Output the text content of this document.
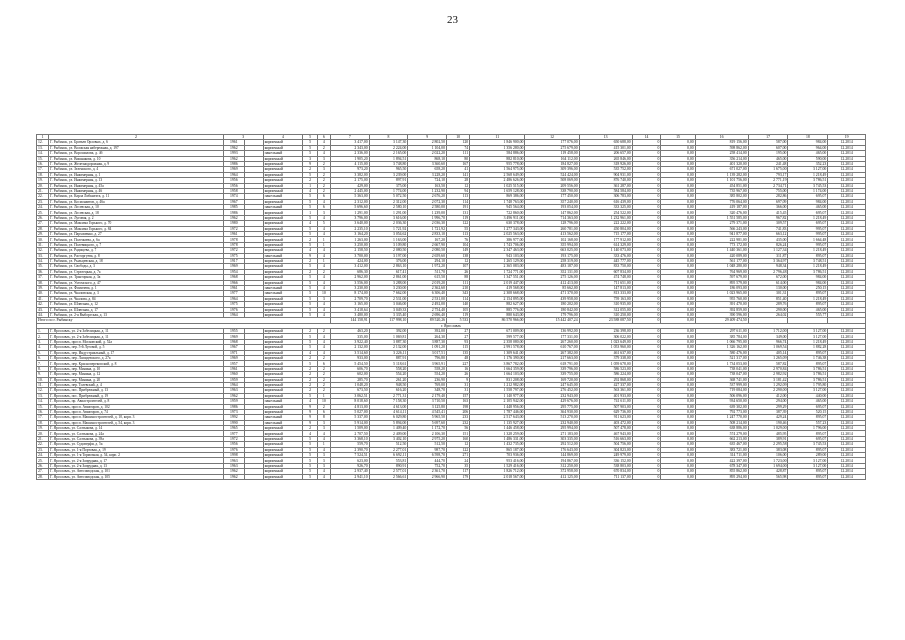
23
1	2	3		4	5	6	7	8	9	10	11	12	13	14	15	16	17	18	19
12.	Г. Рыбинск, ул. Братьев Орловых, д. 6	1961		кирпичный	5	4	3 417,00	3 147,30	2 802,50	120	1 846 900,00	177 076,00	650 688,00	0	0,00	819 156,00	587,00	984,00	12.2014
13.	Г. Рыбинск, ул. Волжская набережная, д. 197	1962		кирпичный	5	2	2 343,00	2 224,00	1 104,00	74	1 356 280,00	275 679,00	415 301,00	0	0,00	598 862,00	607,00	964,00	12.2014
14.	Г. Рыбинск, ул. Ворошилова, д. 4б	1993		панельный	5	4	2 336,00	2 165,00	2 022,20	111	584 886,00	119 458,00	206 657,00	0	0,00	258 414,00	195,00	465,00	12.2014
15.	Г. Рыбинск, ул. Вишнякова, д. 10	1962		кирпичный	3	3	1 905,20	1 894,51	868,10	80	882 810,00	164 112,00	265 846,00	0	0,00	356 214,00	465,00	590,00	12.2014
16.	Г. Рыбинск, ул. Железнодорожная, д. 9	1986		кирпичный	9	2	4 115,00	3 748,80	3 360,60	167	955 778,00	184 827,00	318 926,00	0	0,00	401 320,00	241,48	352,23	12.2014
17.	Г. Рыбинск, ул. Зеленского, д. 4	1969		кирпичный	2	3	973,20	965,50	658,20	41	1 564 975,00	309 396,00	535 752,00	0	0,00	671 027,00	1 675,00	3 127,00	12.2014
18.	Г. Рыбинск, ул. Инженерная, д. 1	1964		кирпичный	5	2	3 382,00	3 239,00	3 228,20	141	2 568 649,00	524 424,00	904 931,00	0	0,00	1 139 282,00	793,17	1 218,49	12.2014
19.	Г. Рыбинск, ул. Инженерная, д. 13	1956		кирпичный	2	2	2 175,00	897,91	724,10	28	2 486 626,00	508 069,00	876 740,00	0	0,00	1 101 756,00	2 771,19	3 786,51	12.2014
20.	Г. Рыбинск, ул. Инженерная, д. 45а	1956		кирпичный	1	2	429,00	375,00	163,50	12	1 025 515,00	209 556,00	361 287,00	0	0,00	454 851,00	2 734,71	3 745,53	12.2014
21.	Г. Рыбинск, ул. Инженерная, д. 46	1958		кирпичный	4	2	2 445,00	1 774,00	1 232,90	94	1 659 128,00	338 790,00	584 584,00	0	0,00	735 967,00	755,00	1 174,00	12.2014
22.	Г. Рыбинск, ул. Карла Либкнехта, д. 11	1974		панельный	5	6	5 363,00	5 072,50	2 676,20	113	869 386,00	177 450,00	306 783,00	0	0,00	385 802,00	282,86	695,07	12.2014
23.	Г. Рыбинск, ул. Космонавтов, д. 46а	1967		кирпичный	5	4	2 312,00	2 312,00	2 072,30	114	1 748 763,00	357 240,00	616 439,00	0	0,00	776 064,00	697,09	984,00	12.2014
24.	Г. Рыбинск, ул. Лосевская, д. 10	1985		панельный	5	6	5 696,60	2 580,10	2 580,00	191	945 564,00	193 054,00	333 325,00	0	0,00	419 187,00	366,00	465,00	12.2014
25.	Г. Рыбинск, ул. Лосевская, д. 18	1986		кирпичный	1	3	1 291,00	1 291,00	1 239,00	131	722 860,00	147 862,00	254 522,00	0	0,00	320 476,00	415,45	695,07	12.2014
26.	Г. Рыбинск, ул. Луговая, д. 2	1962		кирпичный	5	4	3 796,00	3 616,00	1 996,70	119	3 496 911,00	714 363,00	1 232 961,00	0	0,00	1 551 585,00	967,82	1 218,49	12.2014
27.	Г. Рыбинск, ул. Максима Горького, д. 70	1980		кирпичный	4	5	3 640,00	2 036,30	2 036,30	122	630 378,00	128 796,00	222 222,00	0	0,00	279 371,00	309,57	695,07	12.2014
28.	Г. Рыбинск, ул. Максима Горького, д. 84	1972		кирпичный	5	4	2 235,10	1 721,92	1 721,92	55	1 277 343,00	260 781,00	450 804,00	0	0,00	566 243,00	741,83	995,07	12.2014
29.	Г. Рыбинск, ул. Пархоменко, д. 27	1961		кирпичный	5	4	3 164,20	3 054,62	2 833,10	113	2 025 563,00	413 562,00	715 177,00	0	0,00	941 877,00	663,12	995,07	12.2014
30.	Г. Рыбинск, ул. Полежаева, д. 6а	1978		кирпичный	2	1	1 263,00	1 163,00	167,20	76	386 977,00	102 168,00	177 912,00	0	0,00	222 981,00	435,00	1 664,48	12.2014
31.	Г. Рыбинск, ул. Полевицкого, д. 7	1978		кирпичный	5	1	3 250,00	3 109,80	2 667,90	104	1 743 706,00	355 994,00	614 329,00	0	0,00	773 172,00	826,24	995,07	12.2014
32.	Г. Рыбинск, ул. Радищева, д. 7	1972		кирпичный	4	4	2 158,50	2 080,50	2 080,50	149	2 347 463,00	663 025,00	1 140 073,00	0	0,00	1 440 361,00	1 127,34	1 218,49	12.2014
33.	Г. Рыбинск, ул. Расторгуева, д. 8	1975		панельный	9	4	3 700,00	3 197,00	2 659,60	138	943 103,00	193 175,00	333 476,00	0	0,00	420 089,00	311,87	895,07	12.2014
34.	Г. Рыбинск, ул. Рыльцевская, д. 18	1917		кирпичный	2	1	424,00	376,00	294,10	12	1 265 129,00	258 319,00	445 777,00	0	0,00	561 177,00	3 364,97	3 748,51	12.2014
35.	Г. Рыбинск, ул. Свободы, д. 3	1969		кирпичный	5	4	3 412,00	2 863,10	1 972,20	107	2 365 083,00	483 187,00	833 750,00	0	0,00	1 048 280,00	948,34	1 218,49	12.2014
36.	Г. Рыбинск, ул. Стрелецкая, д. 7а	1954		кирпичный	2	2	686,30	617,41	511,70	26	1 724 771,00	352 131,00	607 834,00	0	0,00	764 969,00	2 796,48	3 786,51	12.2014
37.	Г. Рыбинск, ул. Тракторная, д. 3а	1968		кирпичный	5	4	2 962,00	2 861,00	615,50	88	1 347 551,00	275 126,00	474 748,00	0	0,00	597 679,00	672,00	984,00	12.2014
38.	Г. Рыбинск, ул. Ухтомского, д. 47	1966		кирпичный	5	4	3 556,00	3 288,00	2 019,20	111	2 019 447,00	412 413,00	711 651,00	0	0,00	895 579,00	614,00	984,00	12.2014
39.	Г. Рыбинск, ул. Фомичева, д. 1	1961		панельный	5	4	3 230,00	3 230,00	2 362,60	210	419 568,00	85 662,00	147 813,00	0	0,00	186 093,00	130,00	250,15	12.2014
40.	Г. Рыбинск, ул. Чкаловская, д. 3	1977		панельный	5	10	8 174,00	7 662,00	6 306,40	343	2 308 668,00	471 370,00	813 333,00	0	0,00	1 023 965,00	301,31	895,07	12.2014
41.	Г. Рыбинск, ул. Чкалова, д. 84	1964		кирпичный	5	3	2 709,70	2 531,00	2 531,00	114	2 154 895,00	439 958,00	759 163,00	0	0,00	955 760,00	851,40	1 218,49	12.2014
42.	Г. Рыбинск, ул. Шлюзная, д. 12	1975		кирпичный	5	4	3 165,00	3 046,00	2 492,00	140	882 627,00	180 202,00	310 935,00	0	0,00	391 470,00	289,76	895,07	12.2014
43.	Г. Рыбинск, ул. Шлюзная, д. 17	1976		кирпичный	5	4	3 418,64	3 049,33	2 754,40	105	885 776,00	180 842,00	312 055,00	0	0,00	392 859,00	290,00	465,00	12.2014
44.	Г. Рыбинск, ул. 2-я Выборгская, д. 13	1964		кирпичный	5	4	3 480,00	3 335,40	2 696,40	119	880 643,00	179 796,00	310 250,00	0	0,00	390 596,00	264,02	555,77	12.2014
Итого по г. Рыбинску							144 158,91	117 998,10	89 520,26	5 533	86 570 966,00	15 442 407,24	23 588 087,50	0	0,00	29 409 474,50			
г. Ярославль																			
1.	Г. Ярославль, ул. 2-я Забелицкая, д. 11	1955		кирпичный	2	2	463,20	392,00	392,00	27	671 009,00	136 992,00	236 398,00	0	0,00	297 611,00	1 712,00	3 127,00	12.2014
2.	Г. Ярославль, ул. 2-я Забелицкая, д. 11	1969		кирпичный	5	4	335,00	1 069,81	264,30	27	599 577,00	177 331,00	306 022,00	0	0,00	385 784,00	349,00	3 127,00	12.2014
3.	Г. Ярославль, просп. Московский, д. 52а	1968		кирпичный	5	4	3 922,40	3 887,30	3 887,30	93	2 358 080,00	267 260,00	1 023 649,00	0	0,00	1 066 795,00	966,74	1 218,49	12.2014
4.	Г. Ярославль, пер. 5-й Луговой, д. 5	1967		кирпичный	5	4	2 132,00	2 132,00	1 091,20	115	2 991 578,00	610 767,00	1 053 960,00	0	0,00	1 326 162,00	1 069,54	1 882,28	12.2014
5.	Г. Ярославль, пер. Индустриальный, д. 17	1971		кирпичный	4	4	3 514,60	3 226,11	3 017,51	135	1 309 641,00	267 382,00	461 637,00	0	0,00	580 476,00	405,14	895,07	12.2014
6.	Г. Ярославль, пер. Ляпидевского, д. 27а	1969		кирпичный	2	2	933,00	887,91	796,80	48	1 176 390,00	217 663,00	379 338,00	0	0,00	521 317,00	1 265,09	1 746,38	12.2014
7.	Г. Ярославль, пер. Красноперекопский, д. 8	1957		кирпичный	5	6	5 454,50	5 118,61	3 965,91	227	3 867 782,00	618 791,00	1 059 678,00	0	0,00	1 734 053,00	587,82	895,07	12.2014
8.	Г. Ярославль, пер. Минина, д. 10	1961		кирпичный	2	2	606,70	558,20	558,20	16	1 664 359,00	339 796,00	586 523,00	0	0,00	738 041,00	2 970,84	3 786,51	12.2014
9.	Г. Ярославль, пер. Минина, д. 12	1960		кирпичный	2	2	602,00	554,20	554,20	26	1 664 103,00	339 755,00	586 224,00	0	0,00	738 047,00	2 982,92	3 786,51	12.2014
10.	Г. Ярославль, пер. Минина, д. 20	1959		кирпичный	2	2	285,70	261,20	236,90	9	831 208,00	169 720,00	292 868,00	0	0,00	368 741,00	3 181,42	3 786,51	12.2014
11.	Г. Ярославль, пер. Толевский, д. 4	1964		кирпичный	2	2	1 048,20	948,50	769,00	31	1 212 982,00	247 645,00	427 337,00	0	0,00	537 999,00	1 292,09	1 795,80	12.2014
12.	Г. Ярославль, пос. Прибрежный, д. 13	1963		кирпичный	2	2	673,50	616,20	348,70	31	1 558 797,00	276 452,00	563 361,00	0	0,00	719 084,00	2 290,00	3 127,00	12.2014
13.	Г. Ярославль, пос. Прибрежный, д. 19	1962		кирпичный	5	1	3 062,51	2 771,31	2 179,40	157	1 140 977,00	232 943,00	401 933,00	0	0,00	506 096,00	412,00	440,00	12.2014
14.	Г. Ярославль, пр. Авиастроителей, д. 8	1959		панельный	4	10	8 018,60	7 158,30	3 710,50	163	2 105 942,00	429 676,00	741 611,00	0	0,00	934 650,00	294,00	465,00	12.2014
15.	Г. Ярославль, просп. Авиаторов, д. 102	1986		кирпичный	9	2	4 813,00	4 613,00	3 125,80	198	1 448 956,00	295 775,00	507 903,00	0	0,00	639 302,00	299,29	695,07	12.2014
16.	Г. Ярославль, просп. Авиаторов, д. 74	1973		кирпичный	9	6	5 027,00	4 614,11	4 545,41	206	1 787 446,00	364 930,00	629 736,00	0	0,00	792 773,00	387,39	520,15	12.2014
17.	Г. Ярославль, просп. Машиностроителей, д. 10, корп. 3	1992		панельный	9	8	5 337,00	6 029,80	5 965,50	233	2 517 643,00	513 270,00	911 623,00	0	0,00	1 247 770,00	429,24	895,07	12.2014
18.	Г. Ярославль, просп. Машиностроителей, д. 54, корп. 3	1990		панельный	9	3	5 914,00	5 894,00	5 697,60	232	1 135 927,00	232 940,00	403 472,00	0	0,00	508 214,00	190,46	557,23	12.2014
19.	Г. Ярославль, ул. Салтыкова, д. 14	1965		кирпичный	2	3	1 509,00	1 409,40	1 172,70	56	1 446 458,00	295 994,00	507 478,00	0	0,00	638 886,00	1 029,00	1 796,00	12.2014
20.	Г. Ярославль, ул. Салтыкова, д. 24а	1977		кирпичный	4	4	2 707,50	2 409,00	2 106,30	151	1 328 259,00	271 183,00	467 943,00	0	0,00	574 279,00	485,95	895,07	12.2014
21.	Г. Ярославль, ул. Салтыкова, д. 39а	1972		кирпичный	5	4	3 368,10	3 402,10	2 975,20	160	1 486 331,00	303 335,00	516 663,00	0	0,00	662 213,00	389,91	695,07	12.2014
22.	Г. Ярославль, ул. Судоверфи, д. 5а	1956		кирпичный	5	1	559,70	512,50	512,50	12	1 432 735,00	292 512,00	504 756,00	0	0,00	635 467,00	2 295,58	3 745,53	12.2014
23.	Г. Ярославль, ул. 1-я Портовая, д. 19	1976		кирпичный	5	4	2 390,70	2 277,01	987,70	122	865 187,00	176 643,00	304 823,00	0	0,00	383 721,00	383,08	895,07	12.2014
24.	Г. Ярославль, ул. 1-я Тормозная, д. 54, корп. 2	1998		кирпичный	5	3	7 524,51	6 692,11	6 598,70	271	703 936,00	144 869,00	249 979,00	0	0,00	314 711,00	106,00	289,00	12.2014
25.	Г. Ярославль, ул. 2-я Запрудная, д. 17	1963		кирпичный	5	3	623,00	553,81	444,70	24	953 416,00	194 867,00	336 152,00	0	0,00	422 397,00	1 723,00	3 127,00	12.2014
26.	Г. Ярославль, ул. 2-я Запрудная, д. 13	1963		кирпичный	5	3	926,70	890,91	752,70	35	1 529 416,00	312 250,00	538 803,00	0	0,00	678 347,00	1 694,00	3 127,00	12.2014
27.	Г. Ярославль, ул. Автозаводская, д. 101	1962		кирпичный	5	4	2 937,40	2 577,01	2 361,70	117	1 826 712,00	372 958,00	670 834,00	0	0,00	855 862,00	428,87	895,07	12.2014
28.	Г. Ярославль, ул. Автозаводская, д. 105	1962		кирпичный	5	4	2 941,10	2 566,61	2 966,90	179	2 018 567,00	412 125,00	711 137,00	0	0,00	895 294,00	565,98	895,07	12.2014
